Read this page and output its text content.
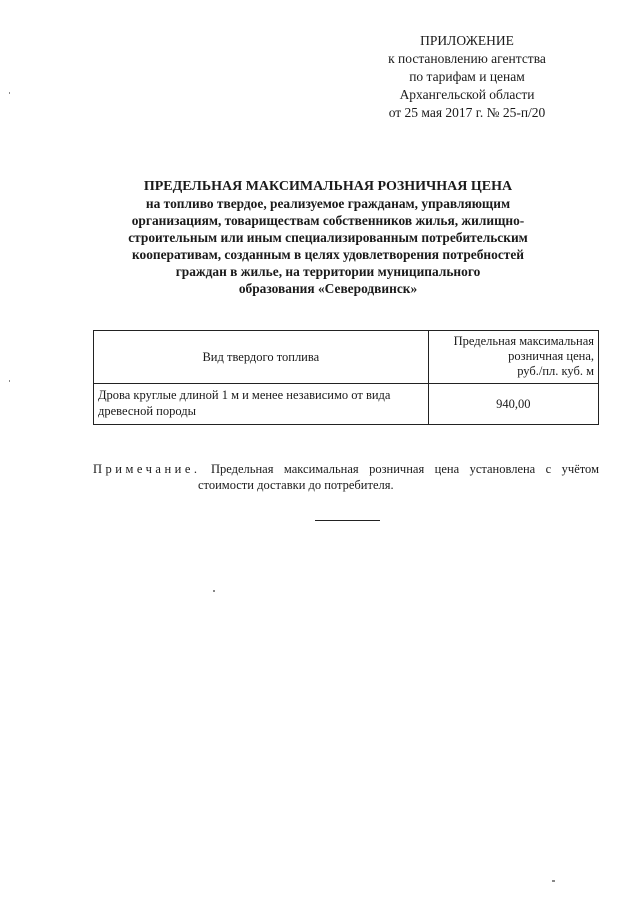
ПРИЛОЖЕНИЕ
к постановлению агентства
по тарифам и ценам
Архангельской области
от 25 мая 2017 г. № 25-п/20
ПРЕДЕЛЬНАЯ МАКСИМАЛЬНАЯ РОЗНИЧНАЯ ЦЕНА
на топливо твердое, реализуемое гражданам, управляющим
организациям, товариществам собственников жилья, жилищно-
строительным или иным специализированным потребительским
кооперативам, созданным в целях удовлетворения потребностей
граждан в жилье, на территории муниципального
образования «Северодвинск»
Вид твердого топлива	Предельная максимальная
розничная цена,
руб./пл. куб. м

Дрова круглые длиной 1 м и менее независимо от вида
древесной породы	940,00
Примечание. Предельная максимальная розничная цена установлена с учётом
стоимости доставки до потребителя.
